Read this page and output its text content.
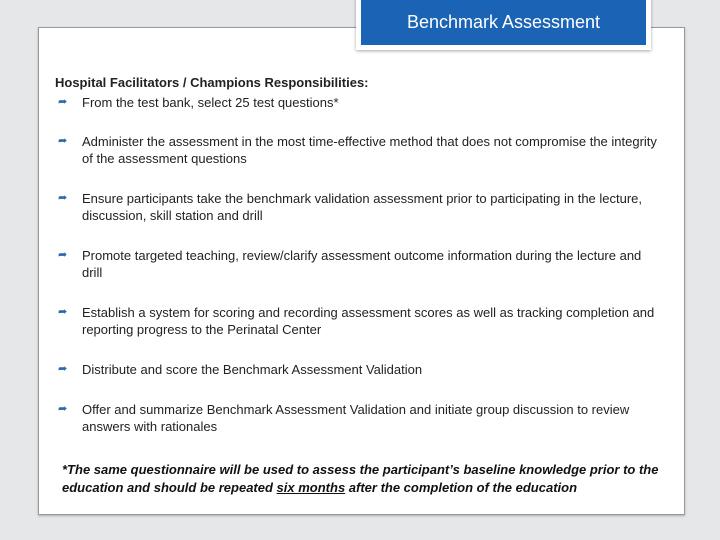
Benchmark Assessment
Hospital Facilitators / Champions Responsibilities:
➦ From the test bank, select 25 test questions*
➦ Administer the assessment in the most time-effective method that does not compromise the integrity of the assessment questions
➦ Ensure participants take the benchmark validation assessment prior to participating in the lecture, discussion, skill station and drill
➦ Promote targeted teaching, review/clarify assessment outcome information during the lecture and drill
➦ Establish a system for scoring and recording assessment scores as well as tracking completion and reporting progress to the Perinatal Center
➦ Distribute and score the Benchmark Assessment Validation
➦ Offer and summarize Benchmark Assessment Validation and initiate group discussion to review answers with rationales
*The same questionnaire will be used to assess the participant’s baseline knowledge prior to the education and should be repeated six months after the completion of the education
